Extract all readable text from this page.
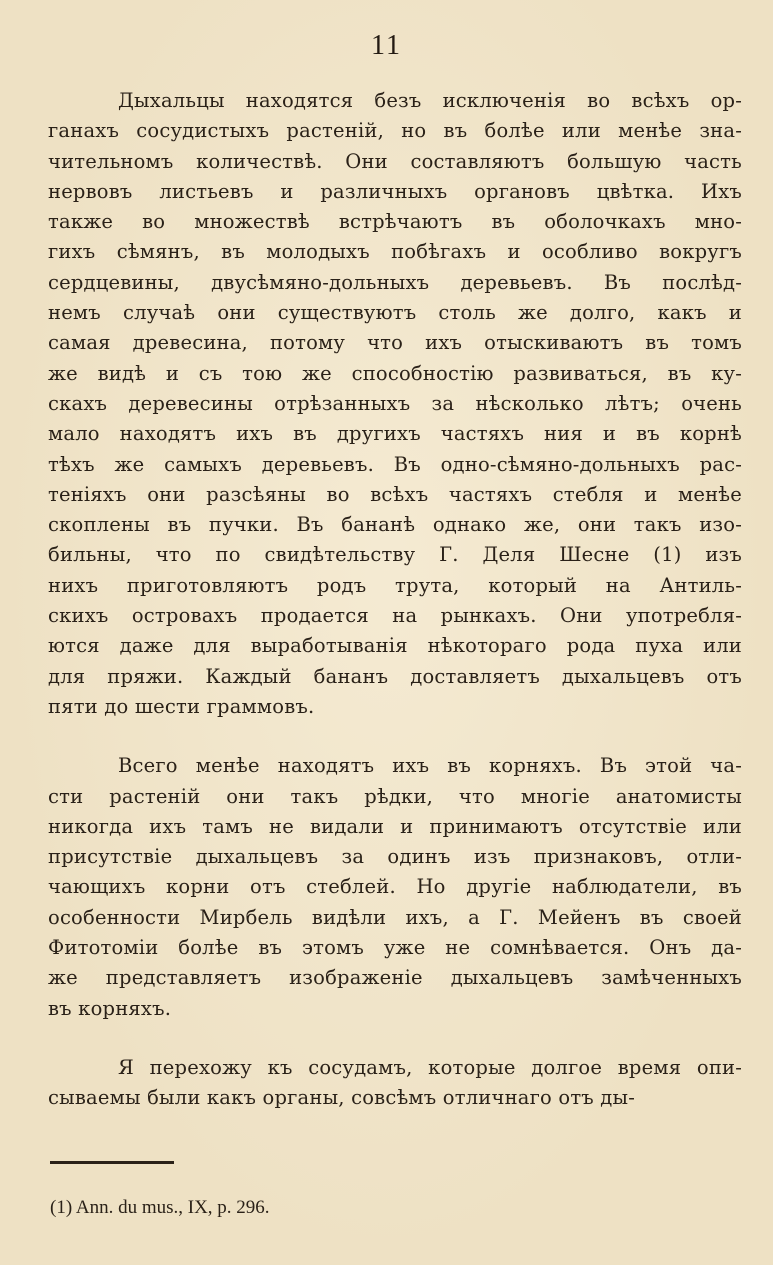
11
Дыхальцы находятся безъ исключенія во всѣхъ ор-
ганахъ сосудистыхъ растеній, но въ болѣе или менѣе зна-
чительномъ количествѣ. Они составляютъ большую часть
нервовъ листьевъ и различныхъ органовъ цвѣтка. Ихъ
также во множествѣ встрѣчаютъ въ оболочкахъ мно-
гихъ сѣмянъ, въ молодыхъ побѣгахъ и особливо вокругъ
сердцевины, двусѣмяно-дольныхъ деревьевъ. Въ послѣд-
немъ случаѣ они существуютъ столь же долго, какъ и
самая древесина, потому что ихъ отыскиваютъ въ томъ
же видѣ и съ тою же способностію развиваться, въ ку-
скахъ деревесины отрѣзанныхъ за нѣсколько лѣтъ; очень
мало находятъ ихъ въ другихъ частяхъ ния и въ корнѣ
тѣхъ же самыхъ деревьевъ. Въ одно-сѣмяно-дольныхъ рас-
теніяхъ они разсѣяны во всѣхъ частяхъ стебля и менѣе
скоплены въ пучки. Въ бананѣ однако же, они такъ изо-
бильны, что по свидѣтельству Г. Деля Шесне (1) изъ
нихъ приготовляютъ родъ трута, который на Антиль-
скихъ островахъ продается на рынкахъ. Они употребля-
ются даже для выработыванія нѣкотораго рода пуха или
для пряжи. Каждый бананъ доставляетъ дыхальцевъ отъ
пяти до шести граммовъ.
Всего менѣе находятъ ихъ въ корняхъ. Въ этой ча-
сти растеній они такъ рѣдки, что многіе анатомисты
никогда ихъ тамъ не видали и принимаютъ отсутствіе или
присутствіе дыхальцевъ за одинъ изъ признаковъ, отли-
чающихъ корни отъ стеблей. Но другіе наблюдатели, въ
особенности Мирбель видѣли ихъ, а Г. Мейенъ въ своей
Фитотоміи болѣе въ этомъ уже не сомнѣвается. Онъ да-
же представляетъ изображеніе дыхальцевъ замѣченныхъ
въ корняхъ.
Я перехожу къ сосудамъ, которые долгое время опи-
сываемы были какъ органы, совсѣмъ отличнаго отъ ды-
(1) Ann. du mus., IX, p. 296.
